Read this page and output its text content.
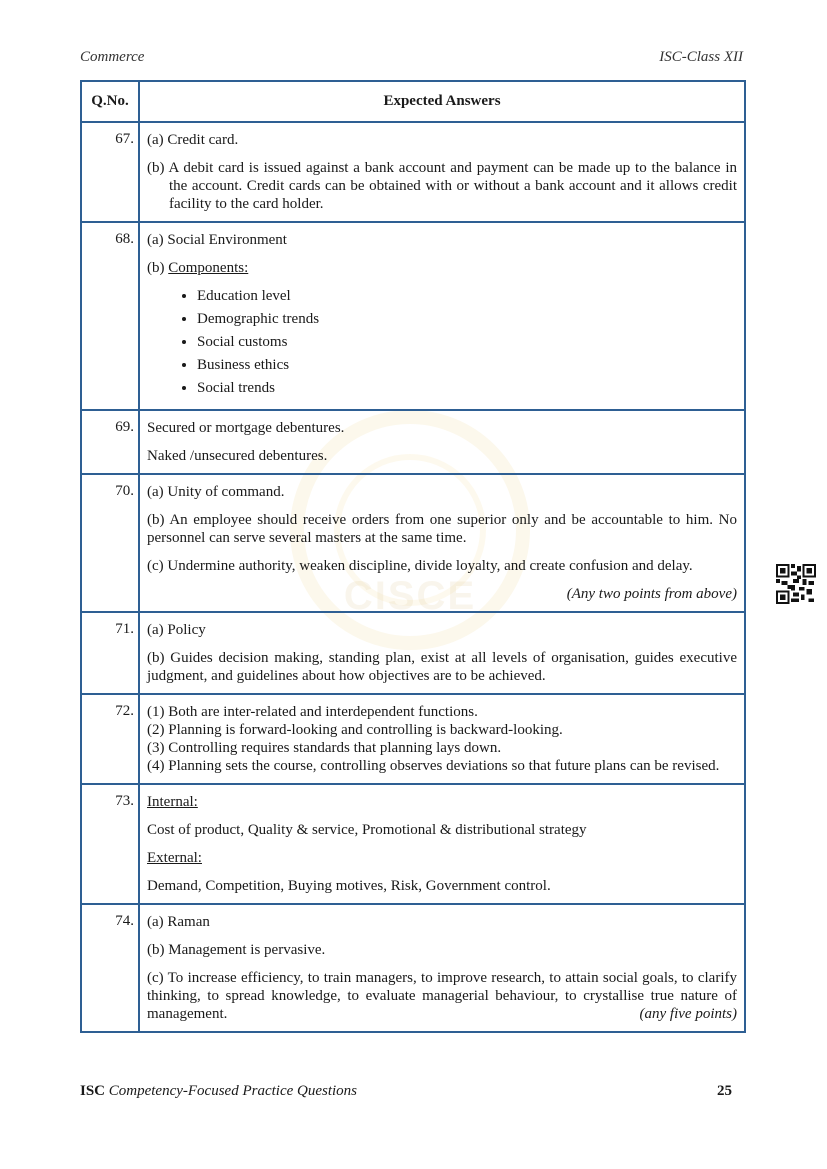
Commerce	ISC-Class XII
CISCE
Q.No.	Expected Answers
67.	(a) Credit card.

(b) A debit card is issued against a bank account and payment can be made up to the balance in the account. Credit cards can be obtained with or without a bank account and it allows credit facility to the card holder.

68.	(a) Social Environment

(b) Components:

• Education level
• Demographic trends
• Social customs
• Business ethics
• Social trends

69.	Secured or mortgage debentures.

Naked /unsecured debentures.

70.	(a) Unity of command.

(b) An employee should receive orders from one superior only and be accountable to him. No personnel can serve several masters at the same time.

(c) Undermine authority, weaken discipline, divide loyalty, and create confusion and delay.

(Any two points from above)

71.	(a) Policy

(b) Guides decision making, standing plan, exist at all levels of organisation, guides executive judgment, and guidelines about how objectives are to be achieved.

72.	(1) Both are inter-related and interdependent functions.

(2) Planning is forward-looking and controlling is backward-looking.

(3) Controlling requires standards that planning lays down.

(4) Planning sets the course, controlling observes deviations so that future plans can be revised.

73.	Internal:

Cost of product, Quality & service, Promotional & distributional strategy

External:

Demand, Competition, Buying motives, Risk, Government control.

74.	(a) Raman

(b) Management is pervasive.

(c) To increase efficiency, to train managers, to improve research, to attain social goals, to clarify thinking, to spread knowledge, to evaluate managerial behaviour, to crystallise true nature of management. (any five points)

ISC Competency-Focused Practice Questions	25
